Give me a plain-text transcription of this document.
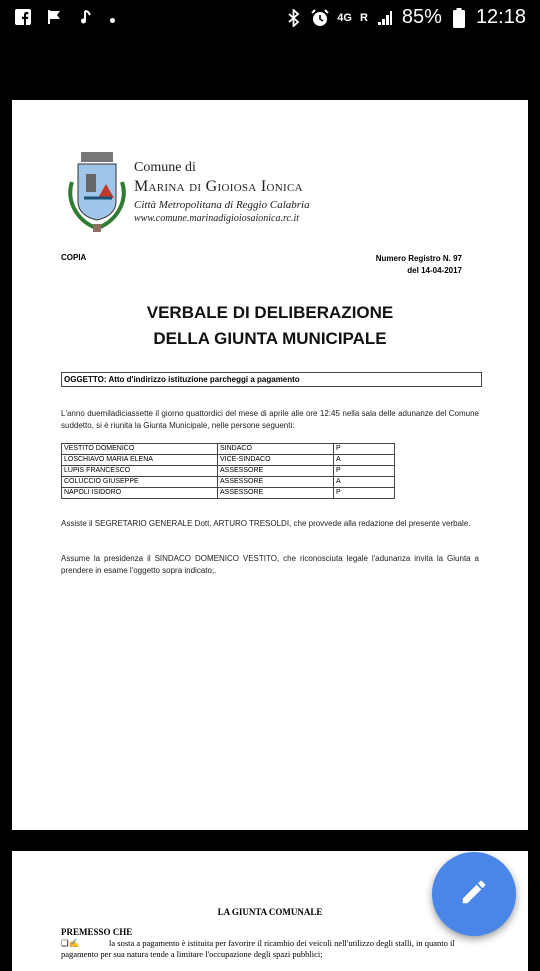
4G R 85% 12:18
Comune di
Marina di Gioiosa Ionica
Città Metropolitana di Reggio Calabria
www.comune.marinadigioiosaionica.rc.it
COPIA	Numero Registro N. 97
del 14-04-2017
VERBALE DI DELIBERAZIONE
DELLA GIUNTA MUNICIPALE
OGGETTO: Atto d'indirizzo istituzione parcheggi a pagamento
L'anno duemiladiciassette il giorno quattordici del mese di aprile alle ore 12:45 nella sala delle adunanze del Comune suddetto, si è riunita la Giunta Municipale, nelle persone seguenti:
VESTITO DOMENICO	SINDACO	P
LOSCHIAVO MARIA ELENA	VICE-SINDACO	A
LUPIS FRANCESCO	ASSESSORE	P
COLUCCIO GIUSEPPE	ASSESSORE	A
NAPOLI ISIDORO	ASSESSORE	P
Assiste il SEGRETARIO GENERALE Dott. ARTURO TRESOLDI, che provvede alla redazione del presente verbale.
Assume la presidenza il SINDACO DOMENICO VESTITO, che riconosciuta legale l'adunanza invita la Giunta a prendere in esame l'oggetto sopra indicato;.
LA GIUNTA COMUNALE
PREMESSO CHE
❑✍	la sosta a pagamento è istituita per favorire il ricambio dei veicoli nell'utilizzo degli stalli, in quanto il pagamento per sua natura tende a limitare l'occupazione degli spazi pubblici;
